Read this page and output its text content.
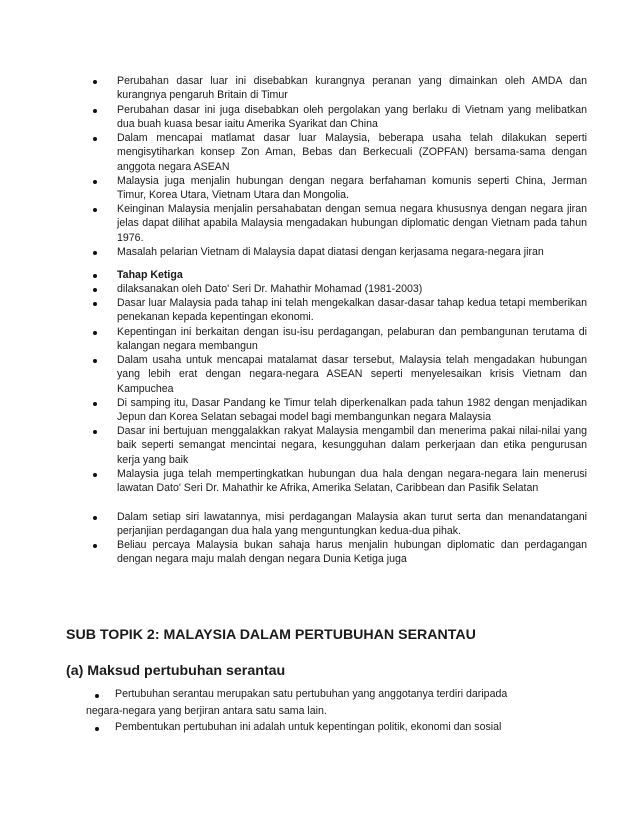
Perubahan dasar luar ini disebabkan kurangnya peranan yang dimainkan oleh AMDA dan kurangnya pengaruh Britain di Timur
Perubahan dasar ini juga disebabkan oleh pergolakan yang berlaku di Vietnam yang melibatkan dua buah kuasa besar iaitu Amerika Syarikat dan China
Dalam mencapai matlamat dasar luar Malaysia, beberapa usaha telah dilakukan seperti mengisytiharkan konsep Zon Aman, Bebas dan Berkecuali (ZOPFAN) bersama-sama dengan anggota negara ASEAN
Malaysia juga menjalin hubungan dengan negara berfahaman komunis seperti China, Jerman Timur, Korea Utara, Vietnam Utara dan Mongolia.
Keinginan Malaysia menjalin persahabatan dengan semua negara khususnya dengan negara jiran jelas dapat dilihat apabila Malaysia mengadakan hubungan diplomatic dengan Vietnam pada tahun 1976.
Masalah pelarian Vietnam di Malaysia dapat diatasi dengan kerjasama negara-negara jiran
Tahap Ketiga
dilaksanakan oleh Dato' Seri Dr. Mahathir Mohamad (1981-2003)
Dasar luar Malaysia pada tahap ini telah mengekalkan dasar-dasar tahap kedua tetapi memberikan penekanan kepada kepentingan ekonomi.
Kepentingan ini berkaitan dengan isu-isu perdagangan, pelaburan dan pembangunan terutama di kalangan negara membangun
Dalam usaha untuk mencapai matalamat dasar tersebut, Malaysia telah mengadakan hubungan yang lebih erat dengan negara-negara ASEAN seperti menyelesaikan krisis Vietnam dan Kampuchea
Di samping itu, Dasar Pandang ke Timur telah diperkenalkan pada tahun 1982 dengan menjadikan Jepun dan Korea Selatan sebagai model bagi membangunkan negara Malaysia
Dasar ini bertujuan menggalakkan rakyat Malaysia mengambil dan menerima pakai nilai-nilai yang baik seperti semangat mencintai negara, kesungguhan dalam perkerjaan dan etika pengurusan kerja yang baik
Malaysia juga telah mempertingkatkan hubungan dua hala dengan negara-negara lain menerusi lawatan Dato' Seri Dr. Mahathir ke Afrika, Amerika Selatan, Caribbean dan Pasifik Selatan
Dalam setiap siri lawatannya, misi perdagangan Malaysia akan turut serta dan menandatangani perjanjian perdagangan dua hala yang menguntungkan kedua-dua pihak.
Beliau percaya Malaysia bukan sahaja harus menjalin hubungan diplomatic dan perdagangan dengan negara maju malah dengan negara Dunia Ketiga juga
SUB TOPIK 2: MALAYSIA DALAM PERTUBUHAN SERANTAU
(a) Maksud pertubuhan serantau
Pertubuhan serantau merupakan satu pertubuhan yang anggotanya terdiri daripada
negara-negara yang berjiran antara satu sama lain.
Pembentukan pertubuhan ini adalah untuk kepentingan politik, ekonomi dan sosial
